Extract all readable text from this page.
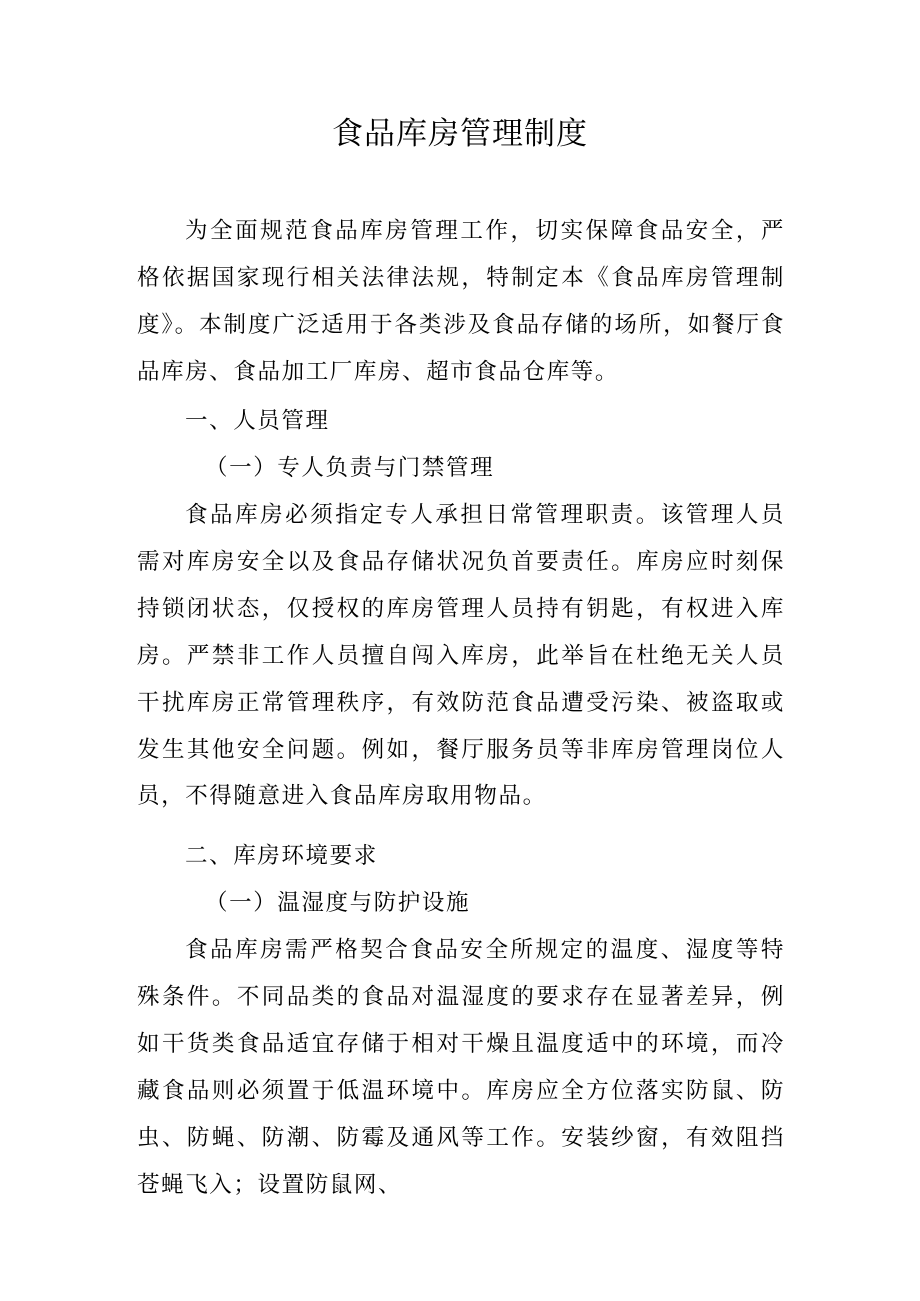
食品库房管理制度

为全面规范食品库房管理工作，切实保障食品安全，严格依据国家现行相关法律法规，特制定本《食品库房管理制度》。本制度广泛适用于各类涉及食品存储的场所，如餐厅食品库房、食品加工厂库房、超市食品仓库等。

一、人员管理
（一）专人负责与门禁管理

食品库房必须指定专人承担日常管理职责。该管理人员需对库房安全以及食品存储状况负首要责任。库房应时刻保持锁闭状态，仅授权的库房管理人员持有钥匙，有权进入库房。严禁非工作人员擅自闯入库房，此举旨在杜绝无关人员干扰库房正常管理秩序，有效防范食品遭受污染、被盗取或发生其他安全问题。例如，餐厅服务员等非库房管理岗位人员，不得随意进入食品库房取用物品。

二、库房环境要求
（一）温湿度与防护设施

食品库房需严格契合食品安全所规定的温度、湿度等特殊条件。不同品类的食品对温湿度的要求存在显著差异，例如干货类食品适宜存储于相对干燥且温度适中的环境，而冷藏食品则必须置于低温环境中。库房应全方位落实防鼠、防虫、防蝇、防潮、防霉及通风等工作。安装纱窗，有效阻挡苍蝇飞入；设置防鼠网、
